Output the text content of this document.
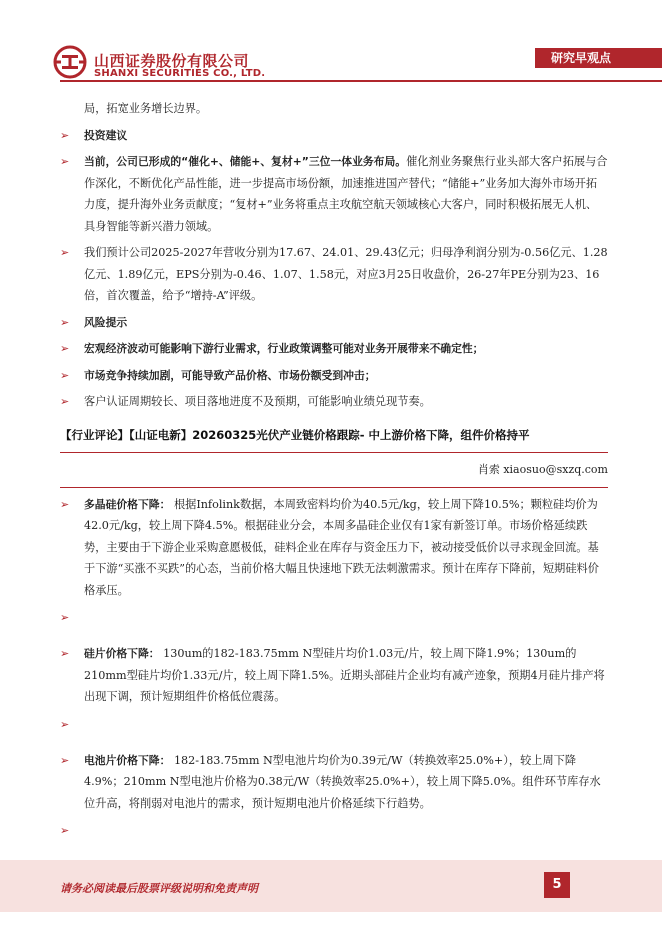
山西证券股份有限公司
SHANXI SECURITIES CO., LTD.
研究早观点

局，拓宽业务增长边界。

➢ 投资建议

➢ 当前，公司已形成的“催化+、储能+、复材+”三位一体业务布局。催化剂业务聚焦行业头部大客户拓展与合作深化，不断优化产品性能，进一步提高市场份额，加速推进国产替代；“储能+”业务加大海外市场开拓力度，提升海外业务贡献度；“复材+”业务将重点主攻航空航天领域核心大客户，同时积极拓展无人机、具身智能等新兴潜力领域。

➢ 我们预计公司2025-2027年营收分别为17.67、24.01、29.43亿元；归母净利润分别为-0.56亿元、1.28亿元、1.89亿元，EPS分别为-0.46、1.07、1.58元，对应3月25日收盘价，26-27年PE分别为23、16倍，首次覆盖，给予“增持-A”评级。

➢ 风险提示

➢ 宏观经济波动可能影响下游行业需求，行业政策调整可能对业务开展带来不确定性；

➢ 市场竞争持续加剧，可能导致产品价格、市场份额受到冲击；

➢ 客户认证周期较长、项目落地进度不及预期，可能影响业绩兑现节奏。

【行业评论】【山证电新】20260325光伏产业链价格跟踪- 中上游价格下降，组件价格持平
肖索 xiaosuo@sxzq.com

➢ 多晶硅价格下降： 根据Infolink数据，本周致密料均价为40.5元/kg，较上周下降10.5%；颗粒硅均价为42.0元/kg，较上周下降4.5%。根据硅业分会，本周多晶硅企业仅有1家有新签订单。市场价格延续跌势，主要由于下游企业采购意愿极低，硅料企业在库存与资金压力下，被动接受低价以寻求现金回流。基于下游“买涨不买跌”的心态，当前价格大幅且快速地下跌无法刺激需求。预计在库存下降前，短期硅料价格承压。

➢

➢ 硅片价格下降： 130um的182-183.75mm N型硅片均价1.03元/片，较上周下降1.9%；130um的210mm型硅片均价1.33元/片，较上周下降1.5%。近期头部硅片企业均有减产迹象，预期4月硅片排产将出现下调，预计短期组件价格低位震荡。

➢

➢ 电池片价格下降： 182-183.75mm N型电池片均价为0.39元/W（转换效率25.0%+），较上周下降4.9%；210mm N型电池片价格为0.38元/W（转换效率25.0%+），较上周下降5.0%。组件环节库存水位升高，将削弱对电池片的需求，预计短期电池片价格延续下行趋势。

➢

请务必阅读最后股票评级说明和免责声明	5
